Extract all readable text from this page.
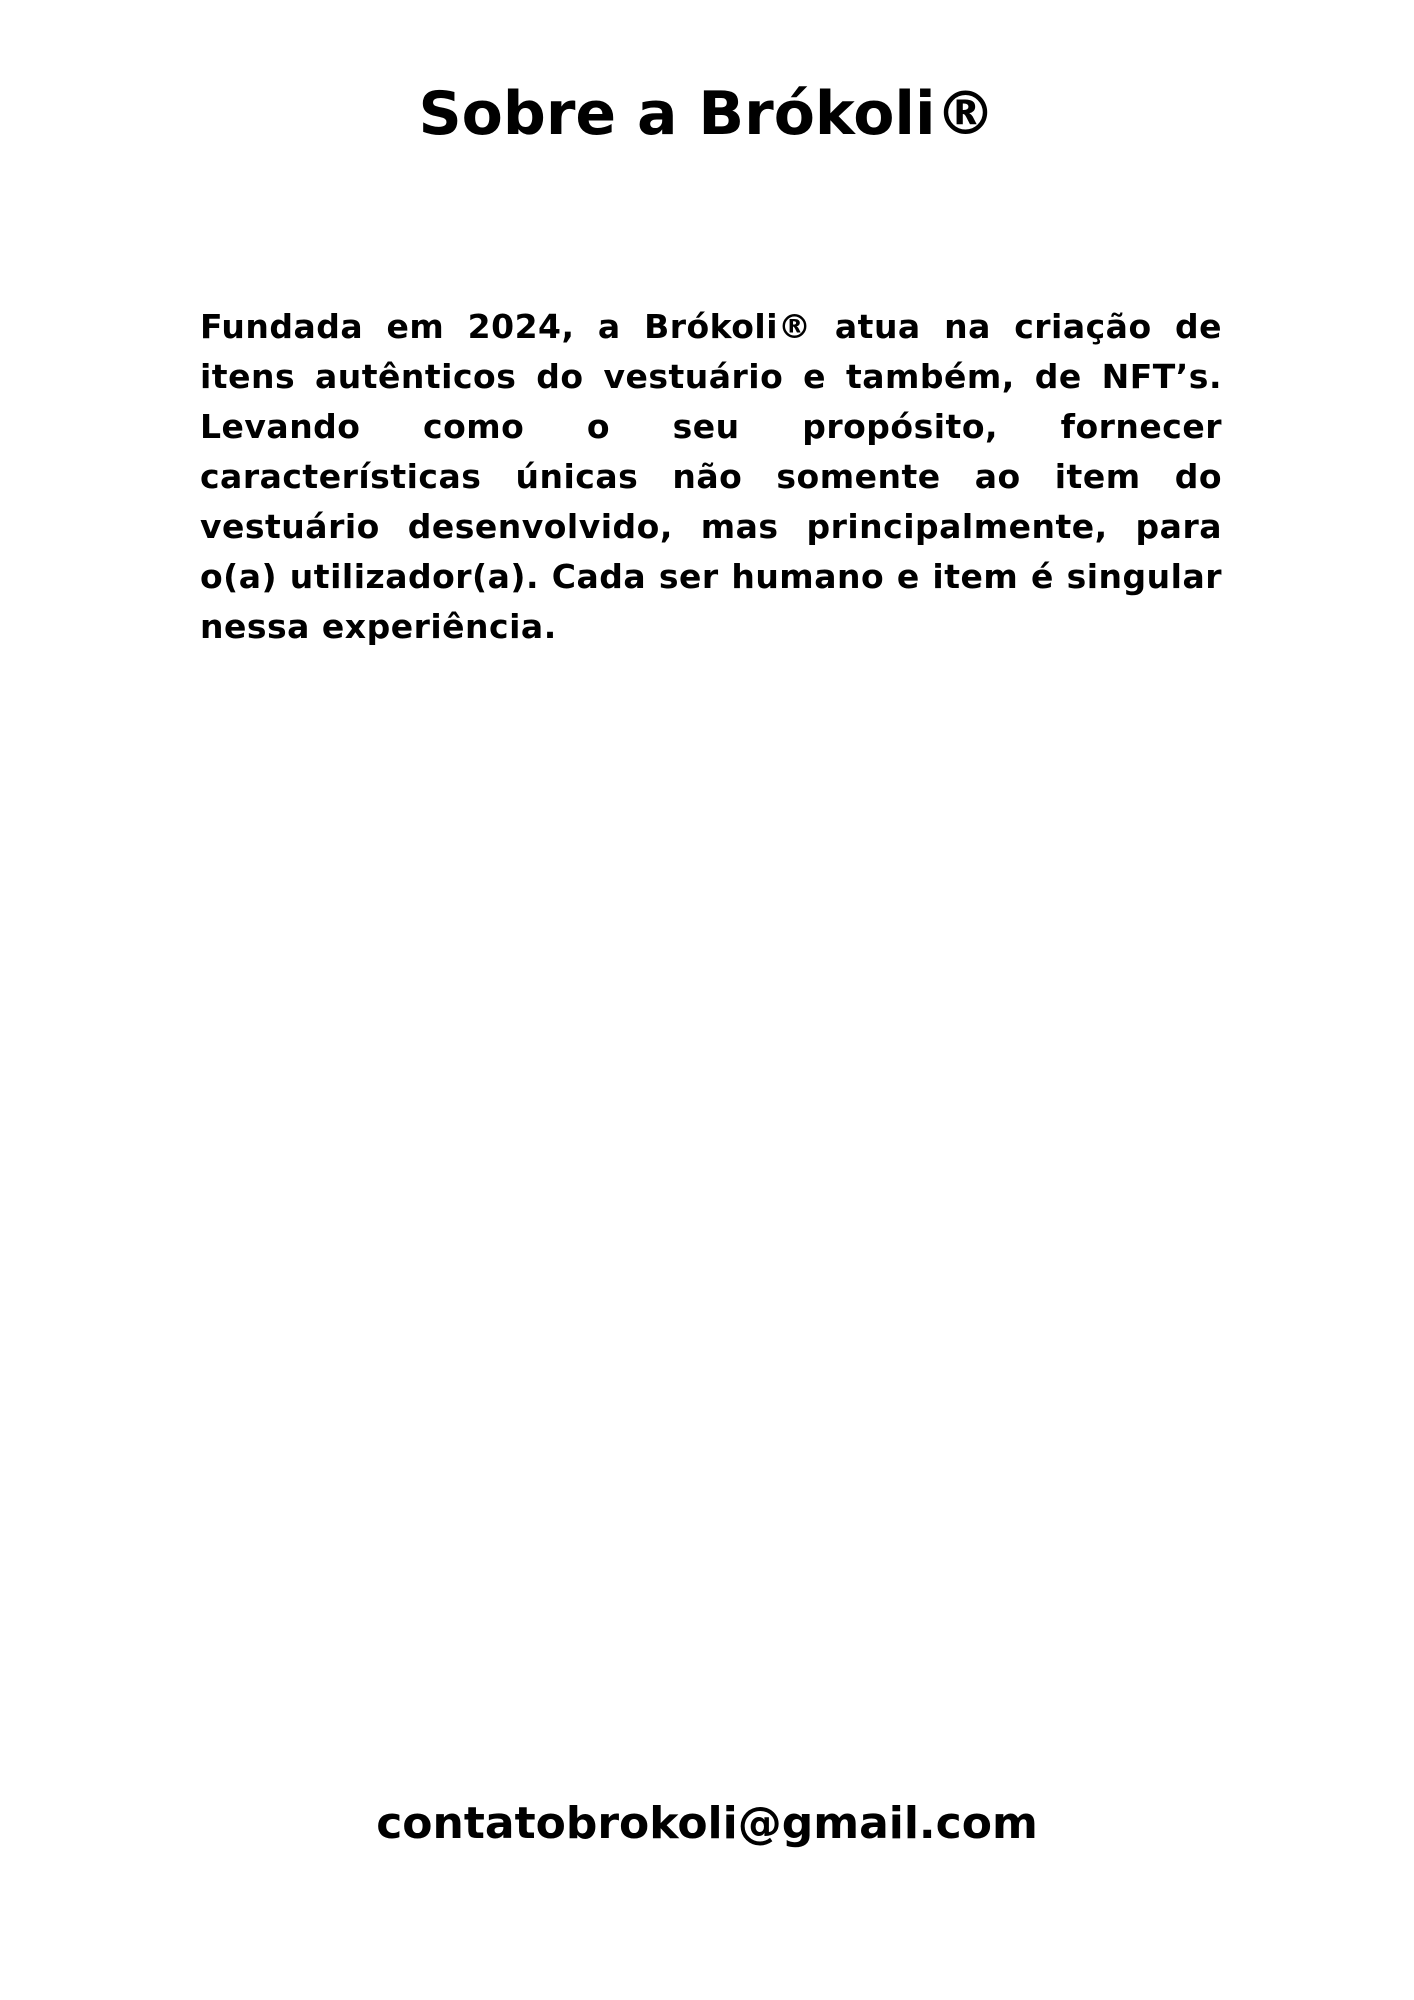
Sobre a Brókoli®

Fundada em 2024, a Brókoli® atua na criação de itens autênticos do vestuário e também, de NFT’s. Levando como o seu propósito, fornecer características únicas não somente ao item do vestuário desenvolvido, mas principalmente, para o(a) utilizador(a). Cada ser humano e item é singular nessa experiência.

contatobrokoli@gmail.com
